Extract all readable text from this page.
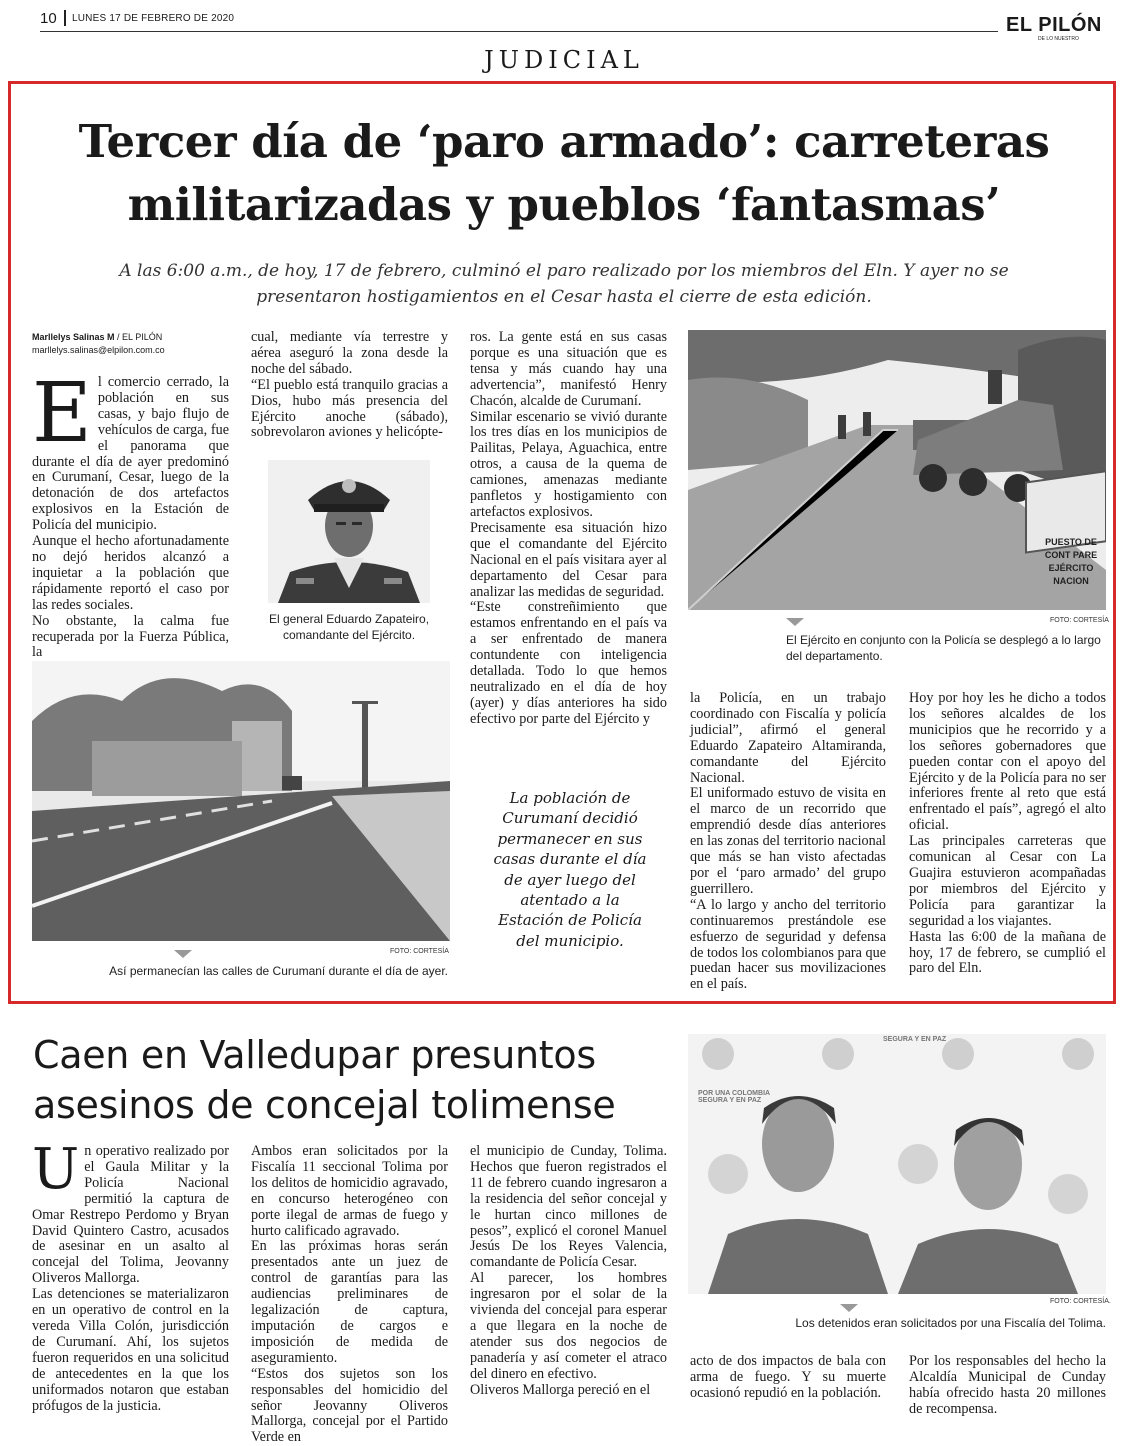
10 LUNES 17 DE FEBRERO DE 2020	EL PILÓN
DE LO NUESTRO
JUDICIAL
Tercer día de ‘paro armado’: carreteras
militarizadas y pueblos ‘fantasmas’
A las 6:00 a.m., de hoy, 17 de febrero, culminó el paro realizado por los miembros del Eln. Y ayer no se
presentaron hostigamientos en el Cesar hasta el cierre de esta edición.
Marllelys Salinas M / EL PILÓN
marllelys.salinas@elpilon.com.co
E l comercio cerrado, la población en sus casas, y bajo flujo de vehículos de carga, fue el panorama que durante el día de ayer predominó en Curumaní, Cesar, luego de la detonación de dos artefactos explosivos en la Estación de Policía del municipio.

Aunque el hecho afortunadamente no dejó heridos alcanzó a inquietar a la población que rápidamente reportó el caso por las redes sociales.

No obstante, la calma fue recuperada por la Fuerza Pública, la

cual, mediante vía terrestre y aérea aseguró la zona desde la noche del sábado.

“El pueblo está tranquilo gracias a Dios, hubo más presencia del Ejército anoche (sábado), sobrevolaron aviones y helicópte-

El general Eduardo Zapateiro, comandante del Ejército.
FOTO: CORTESÍA
Así permanecían las calles de Curumaní durante el día de ayer.

ros. La gente está en sus casas porque es una situación que es tensa y más cuando hay una advertencia”, manifestó Henry Chacón, alcalde de Curumaní.

Similar escenario se vivió durante los tres días en los municipios de Pailitas, Pelaya, Aguachica, entre otros, a causa de la quema de camiones, amenazas mediante panfletos y hostigamiento con artefactos explosivos.

Precisamente esa situación hizo que el comandante del Ejército Nacional en el país visitara ayer al departamento del Cesar para analizar las medidas de seguridad.

“Este constreñimiento que estamos enfrentando en el país va a ser enfrentado de manera contundente con inteligencia detallada. Todo lo que hemos neutralizado en el día de hoy (ayer) y días anteriores ha sido efectivo por parte del Ejército y

La población de Curumaní decidió permanecer en sus casas durante el día de ayer luego del atentado a la Estación de Policía del municipio.
PUESTO DE CONT PARE EJÉRCITO NACION
FOTO: CORTESÍA
El Ejército en conjunto con la Policía se desplegó a lo largo del departamento.

la Policía, en un trabajo coordinado con Fiscalía y policía judicial”, afirmó el general Eduardo Zapateiro Altamiranda, comandante del Ejército Nacional.

El uniformado estuvo de visita en el marco de un recorrido que emprendió desde días anteriores en las zonas del territorio nacional que más se han visto afectadas por el ‘paro armado’ del grupo guerrillero.

“A lo largo y ancho del territorio continuaremos prestándole ese esfuerzo de seguridad y defensa de todos los colombianos para que puedan hacer sus movilizaciones en el país.

Hoy por hoy les he dicho a todos los señores alcaldes de los municipios que he recorrido y a los señores gobernadores que pueden contar con el apoyo del Ejército y de la Policía para no ser inferiores frente al reto que está enfrentado el país”, agregó el alto oficial.

Las principales carreteras que comunican al Cesar con La Guajira estuvieron acompañadas por miembros del Ejército y Policía para garantizar la seguridad a los viajantes.

Hasta las 6:00 de la mañana de hoy, 17 de febrero, se cumplió el paro del Eln.

Caen en Valledupar presuntos
asesinos de concejal tolimense
U n operativo realizado por el Gaula Militar y la Policía Nacional permitió la captura de Omar Restrepo Perdomo y Bryan David Quintero Castro, acusados de asesinar en un asalto al concejal del Tolima, Jeovanny Oliveros Mallorga.

Las detenciones se materializaron en un operativo de control en la vereda Villa Colón, jurisdicción de Curumaní. Ahí, los sujetos fueron requeridos en una solicitud de antecedentes en la que los uniformados notaron que estaban prófugos de la justicia.

Ambos eran solicitados por la Fiscalía 11 seccional Tolima por los delitos de homicidio agravado, en concurso heterogéneo con porte ilegal de armas de fuego y hurto calificado agravado.

En las próximas horas serán presentados ante un juez de control de garantías para las audiencias preliminares de legalización de captura, imputación de cargos e imposición de medida de aseguramiento.

“Estos dos sujetos son los responsables del homicidio del señor Jeovanny Oliveros Mallorga, concejal por el Partido Verde en

el municipio de Cunday, Tolima. Hechos que fueron registrados el 11 de febrero cuando ingresaron a la residencia del señor concejal y le hurtan cinco millones de pesos”, explicó el coronel Manuel Jesús De los Reyes Valencia, comandante de Policía Cesar.

Al parecer, los hombres ingresaron por el solar de la vivienda del concejal para esperar a que llegara en la noche de atender sus dos negocios de panadería y así cometer el atraco del dinero en efectivo.

Oliveros Mallorga pereció en el

SEGURA Y EN PAZ
POR UNA COLOMBIA SEGURA Y EN PAZ
FOTO: CORTESÍA.
Los detenidos eran solicitados por una Fiscalía del Tolima.

acto de dos impactos de bala con arma de fuego. Y su muerte ocasionó repudió en la población.

Por los responsables del hecho la Alcaldía Municipal de Cunday había ofrecido hasta 20 millones de recompensa.
